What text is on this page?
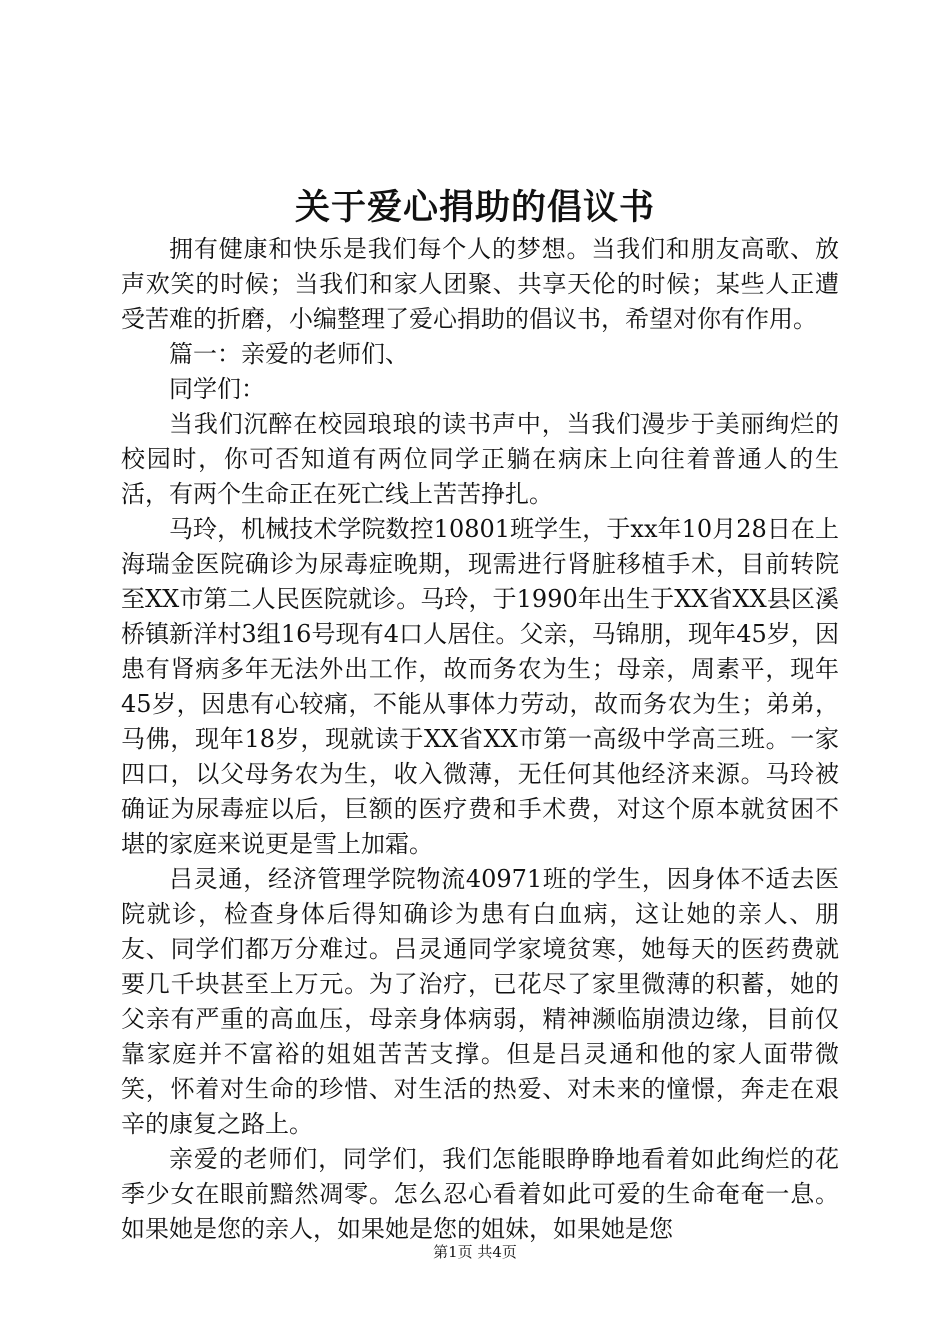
关于爱心捐助的倡议书

拥有健康和快乐是我们每个人的梦想。当我们和朋友高歌、放声欢笑的时候；当我们和家人团聚、共享天伦的时候；某些人正遭受苦难的折磨，小编整理了爱心捐助的倡议书，希望对你有作用。

篇一：亲爱的老师们、

同学们：

当我们沉醉在校园琅琅的读书声中，当我们漫步于美丽绚烂的校园时，你可否知道有两位同学正躺在病床上向往着普通人的生活，有两个生命正在死亡线上苦苦挣扎。

马玲，机械技术学院数控10801班学生，于xx年10月28日在上海瑞金医院确诊为尿毒症晚期，现需进行肾脏移植手术，目前转院至XX市第二人民医院就诊。马玲，于1990年出生于XX省XX县区溪桥镇新洋村3组16号现有4口人居住。父亲，马锦朋，现年45岁，因患有肾病多年无法外出工作，故而务农为生；母亲，周素平，现年45岁，因患有心较痛，不能从事体力劳动，故而务农为生；弟弟，马佛，现年18岁，现就读于XX省XX市第一高级中学高三班。一家四口，以父母务农为生，收入微薄，无任何其他经济来源。马玲被确证为尿毒症以后，巨额的医疗费和手术费，对这个原本就贫困不堪的家庭来说更是雪上加霜。

吕灵通，经济管理学院物流40971班的学生，因身体不适去医院就诊，检查身体后得知确诊为患有白血病，这让她的亲人、朋友、同学们都万分难过。吕灵通同学家境贫寒，她每天的医药费就要几千块甚至上万元。为了治疗，已花尽了家里微薄的积蓄，她的父亲有严重的高血压，母亲身体病弱，精神濒临崩溃边缘，目前仅靠家庭并不富裕的姐姐苦苦支撑。但是吕灵通和他的家人面带微笑，怀着对生命的珍惜、对生活的热爱、对未来的憧憬，奔走在艰辛的康复之路上。

亲爱的老师们，同学们，我们怎能眼睁睁地看着如此绚烂的花季少女在眼前黯然凋零。怎么忍心看着如此可爱的生命奄奄一息。如果她是您的亲人，如果她是您的姐妹，如果她是您

第1页 共4页
